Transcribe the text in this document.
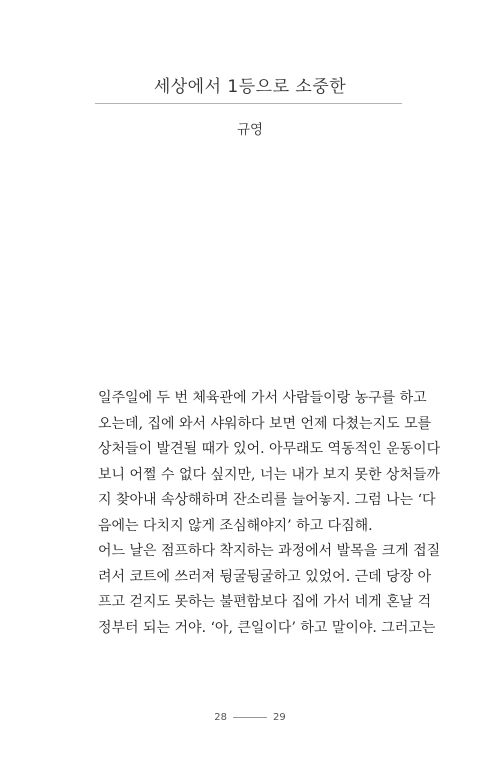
세상에서 1등으로 소중한
규영
일주일에 두 번 체육관에 가서 사람들이랑 농구를 하고
오는데, 집에 와서 샤워하다 보면 언제 다쳤는지도 모를
상처들이 발견될 때가 있어. 아무래도 역동적인 운동이다
보니 어쩔 수 없다 싶지만, 너는 내가 보지 못한 상처들까
지 찾아내 속상해하며 잔소리를 늘어놓지. 그럼 나는 ‘다
음에는 다치지 않게 조심해야지’ 하고 다짐해.
어느 날은 점프하다 착지하는 과정에서 발목을 크게 접질
려서 코트에 쓰러져 뒹굴뒹굴하고 있었어. 근데 당장 아
프고 걷지도 못하는 불편함보다 집에 가서 네게 혼날 걱
정부터 되는 거야. ‘아, 큰일이다’ 하고 말이야. 그러고는
28	29
